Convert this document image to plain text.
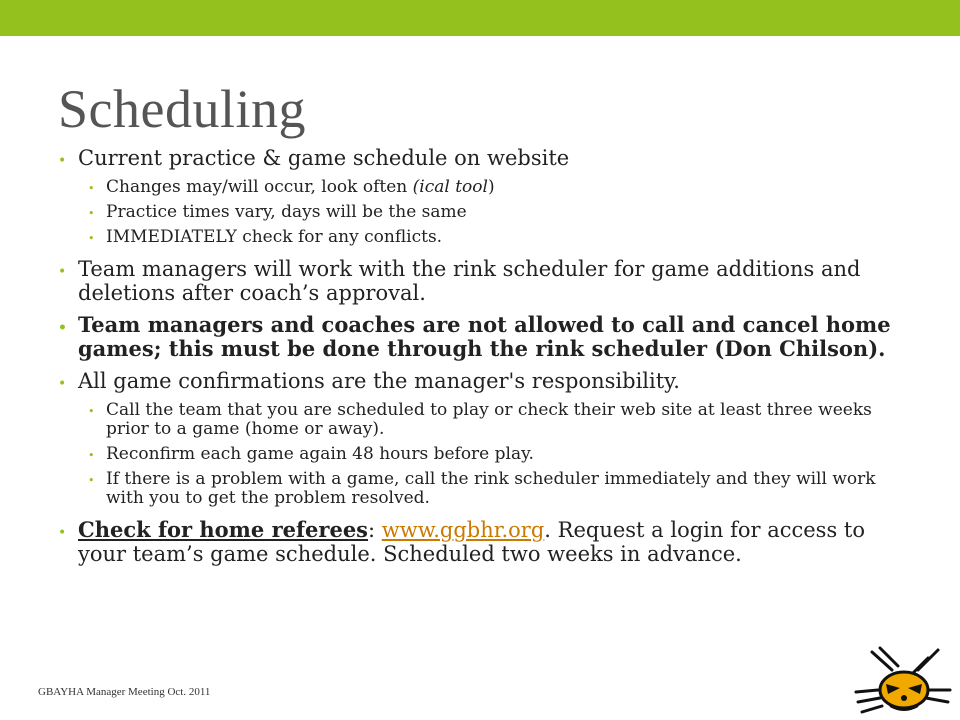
Scheduling
• Current practice & game schedule on website
• Changes may/will occur, look often (ical tool)
• Practice times vary, days will be the same
• IMMEDIATELY check for any conflicts.
• Team managers will work with the rink scheduler for game additions and deletions after coach’s approval.
• Team managers and coaches are not allowed to call and cancel home games; this must be done through the rink scheduler (Don Chilson).
• All game confirmations are the manager's responsibility.
• Call the team that you are scheduled to play or check their web site at least three weeks prior to a game (home or away).
• Reconfirm each game again 48 hours before play.
• If there is a problem with a game, call the rink scheduler immediately and they will work with you to get the problem resolved.
• Check for home referees: www.ggbhr.org. Request a login for access to your team’s game schedule. Scheduled two weeks in advance.
GBAYHA Manager Meeting Oct. 2011
